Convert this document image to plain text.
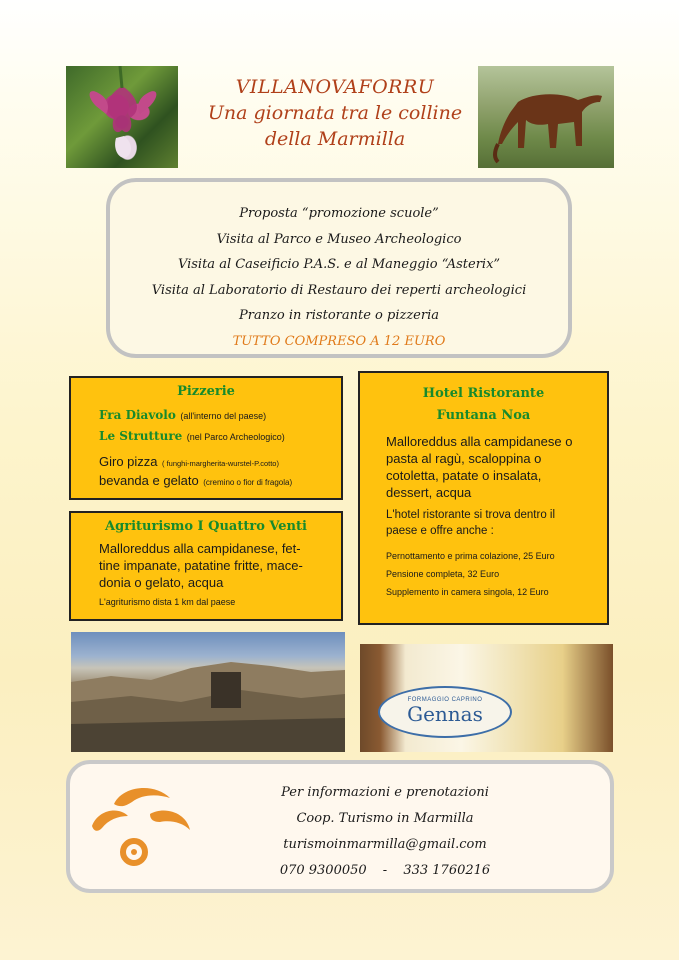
VILLANOVAFORRU
Una giornata tra le colline
della Marmilla
Proposta “promozione scuole”
Visita al Parco e Museo Archeologico
Visita al Caseificio P.A.S. e al Maneggio “Asterix”
Visita al Laboratorio di Restauro dei reperti archeologici
Pranzo in ristorante o pizzeria
TUTTO COMPRESO A 12 EURO
Pizzerie
Fra Diavolo (all'interno del paese)
Le Strutture (nel Parco Archeologico)
Giro pizza ( funghi-margherita-wurstel-P.cotto)
bevanda e gelato (cremino o fior di fragola)
Agriturismo I Quattro Venti
Malloreddus alla campidanese, fet-
tine impanate, patatine fritte, mace-
donia o gelato, acqua
L'agriturismo dista 1 km dal paese
Hotel Ristorante
Funtana Noa
Malloreddus alla campidanese o
pasta al ragù, scaloppina o
cotoletta, patate o insalata,
dessert, acqua
L'hotel ristorante si trova dentro il
paese e offre anche :
Pernottamento e prima colazione, 25 Euro
Pensione completa, 32 Euro
Supplemento in camera singola, 12 Euro
FORMAGGIO CAPRINO
Gennas
Per informazioni e prenotazioni
Coop. Turismo in Marmilla
turismoinmarmilla@gmail.com
070 9300050 - 333 1760216
